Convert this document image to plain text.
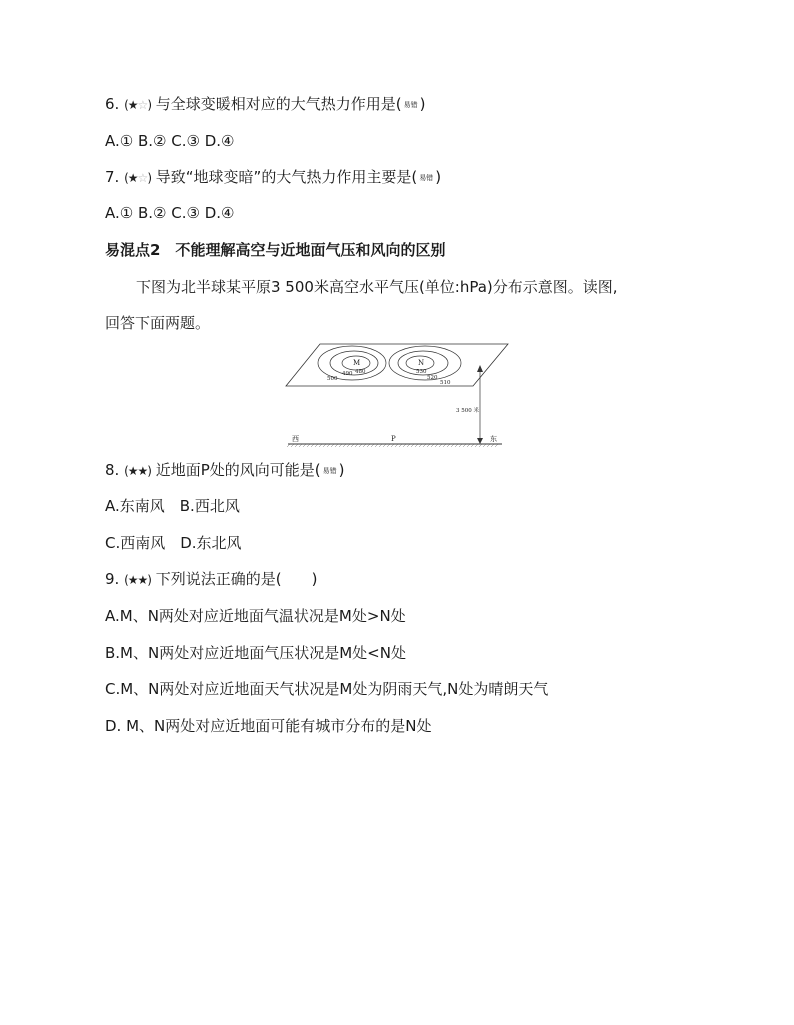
6. (★☆) 与全球变暖相对应的大气热力作用是( 易错 )
A.① B.② C.③ D.④
7. (★☆) 导致“地球变暗”的大气热力作用主要是( 易错 )
A.① B.② C.③ D.④
易混点2　不能理解高空与近地面气压和风向的区别
下图为北半球某平原3 500米高空水平气压(单位:hPa)分布示意图。读图,
回答下面两题。
M
480
490
500
N
530
520
510
3 500 米
西	P	东
8. (★★) 近地面P处的风向可能是( 易错 )
A.东南风　B.西北风
C.西南风　D.东北风
9. (★★) 下列说法正确的是(　　)
A.M、N两处对应近地面气温状况是M处>N处
B.M、N两处对应近地面气压状况是M处<N处
C.M、N两处对应近地面天气状况是M处为阴雨天气,N处为晴朗天气
D. M、N两处对应近地面可能有城市分布的是N处
